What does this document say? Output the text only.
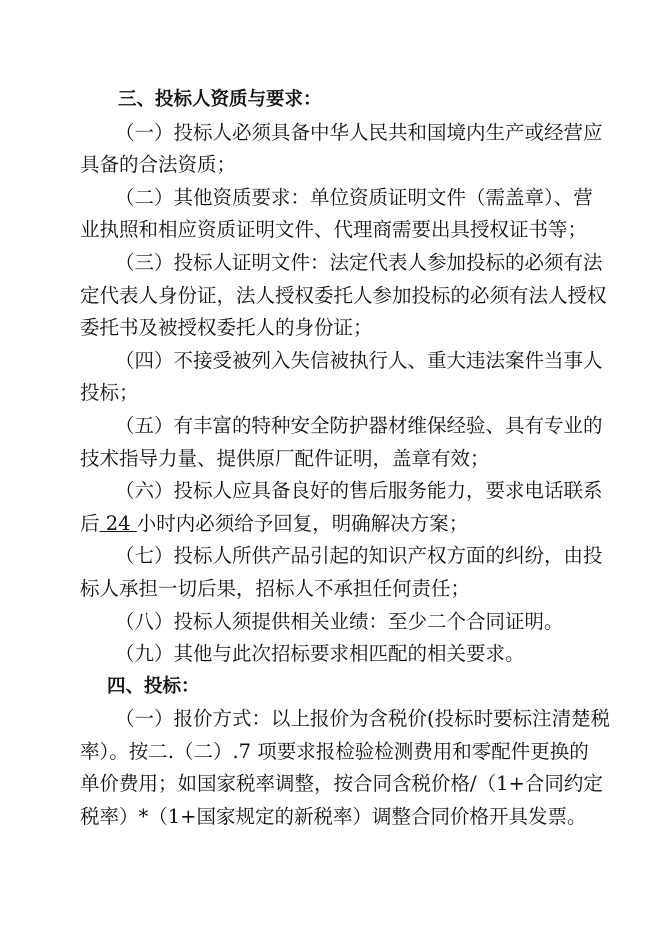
三、投标人资质与要求：
（一）投标人必须具备中华人民共和国境内生产或经营应
具备的合法资质；
（二）其他资质要求：单位资质证明文件（需盖章）、营
业执照和相应资质证明文件、代理商需要出具授权证书等；
（三）投标人证明文件：法定代表人参加投标的必须有法
定代表人身份证，法人授权委托人参加投标的必须有法人授权
委托书及被授权委托人的身份证；
（四）不接受被列入失信被执行人、重大违法案件当事人
投标；
（五）有丰富的特种安全防护器材维保经验、具有专业的
技术指导力量、提供原厂配件证明，盖章有效；
（六）投标人应具备良好的售后服务能力，要求电话联系
后 24 小时内必须给予回复，明确解决方案；
（七）投标人所供产品引起的知识产权方面的纠纷，由投
标人承担一切后果，招标人不承担任何责任；
（八）投标人须提供相关业绩：至少二个合同证明。
（九）其他与此次招标要求相匹配的相关要求。
四、投标：
（一）报价方式：以上报价为含税价(投标时要标注清楚税
率）。按二.（二）.7 项要求报检验检测费用和零配件更换的
单价费用；如国家税率调整，按合同含税价格/（1+合同约定
税率）*（1+国家规定的新税率）调整合同价格开具发票。
